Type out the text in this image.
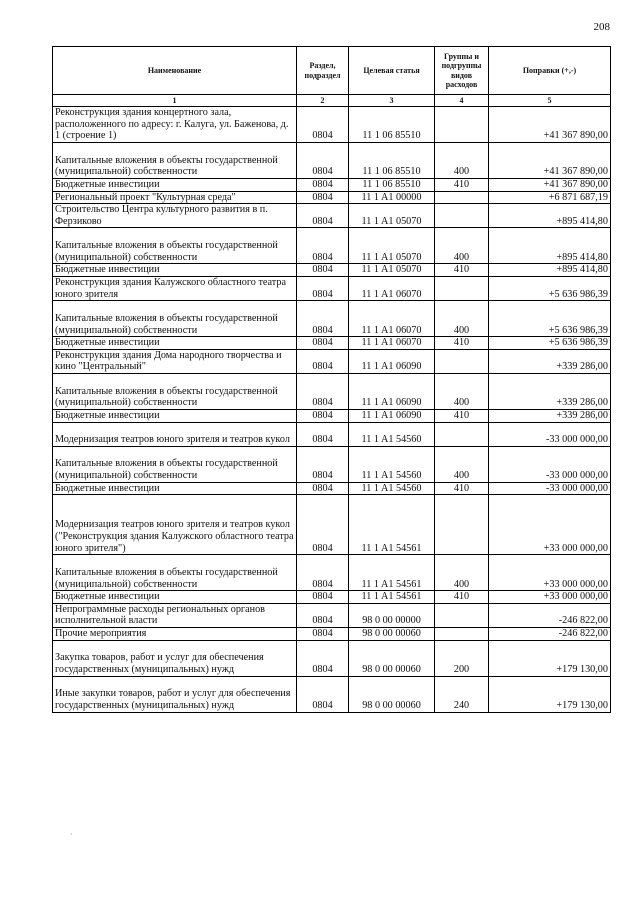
208
Наименование	Раздел, подраздел	Целевая статья	Группы и подгруппы видов расходов	Поправки (+,-)
1	2	3	4	5
Реконструкция здания концертного зала, расположенного по адресу: г. Калуга, ул. Баженова, д. 1 (строение 1)	0804	11 1 06 85510		+41 367 890,00
Капитальные вложения в объекты государственной (муниципальной) собственности	0804	11 1 06 85510	400	+41 367 890,00
Бюджетные инвестиции	0804	11 1 06 85510	410	+41 367 890,00
Региональный проект "Культурная среда"	0804	11 1 A1 00000		+6 871 687,19
Строительство Центра культурного развития в п. Ферзиково	0804	11 1 A1 05070		+895 414,80
Капитальные вложения в объекты государственной (муниципальной) собственности	0804	11 1 A1 05070	400	+895 414,80
Бюджетные инвестиции	0804	11 1 A1 05070	410	+895 414,80
Реконструкция здания Калужского областного театра юного зрителя	0804	11 1 A1 06070		+5 636 986,39
Капитальные вложения в объекты государственной (муниципальной) собственности	0804	11 1 A1 06070	400	+5 636 986,39
Бюджетные инвестиции	0804	11 1 A1 06070	410	+5 636 986,39
Реконструкция здания Дома народного творчества и кино "Центральный"	0804	11 1 A1 06090		+339 286,00
Капитальные вложения в объекты государственной (муниципальной) собственности	0804	11 1 A1 06090	400	+339 286,00
Бюджетные инвестиции	0804	11 1 A1 06090	410	+339 286,00
Модернизация театров юного зрителя и театров кукол	0804	11 1 A1 54560		-33 000 000,00
Капитальные вложения в объекты государственной (муниципальной) собственности	0804	11 1 A1 54560	400	-33 000 000,00
Бюджетные инвестиции	0804	11 1 A1 54560	410	-33 000 000,00
Модернизация театров юного зрителя и театров кукол ("Реконструкция здания Калужского областного театра юного зрителя")	0804	11 1 A1 54561		+33 000 000,00
Капитальные вложения в объекты государственной (муниципальной) собственности	0804	11 1 A1 54561	400	+33 000 000,00
Бюджетные инвестиции	0804	11 1 A1 54561	410	+33 000 000,00
Непрограммные расходы региональных органов исполнительной власти	0804	98 0 00 00000		-246 822,00
Прочие мероприятия	0804	98 0 00 00060		-246 822,00
Закупка товаров, работ и услуг для обеспечения государственных (муниципальных) нужд	0804	98 0 00 00060	200	+179 130,00
Иные закупки товаров, работ и услуг для обеспечения государственных (муниципальных) нужд	0804	98 0 00 00060	240	+179 130,00
·
